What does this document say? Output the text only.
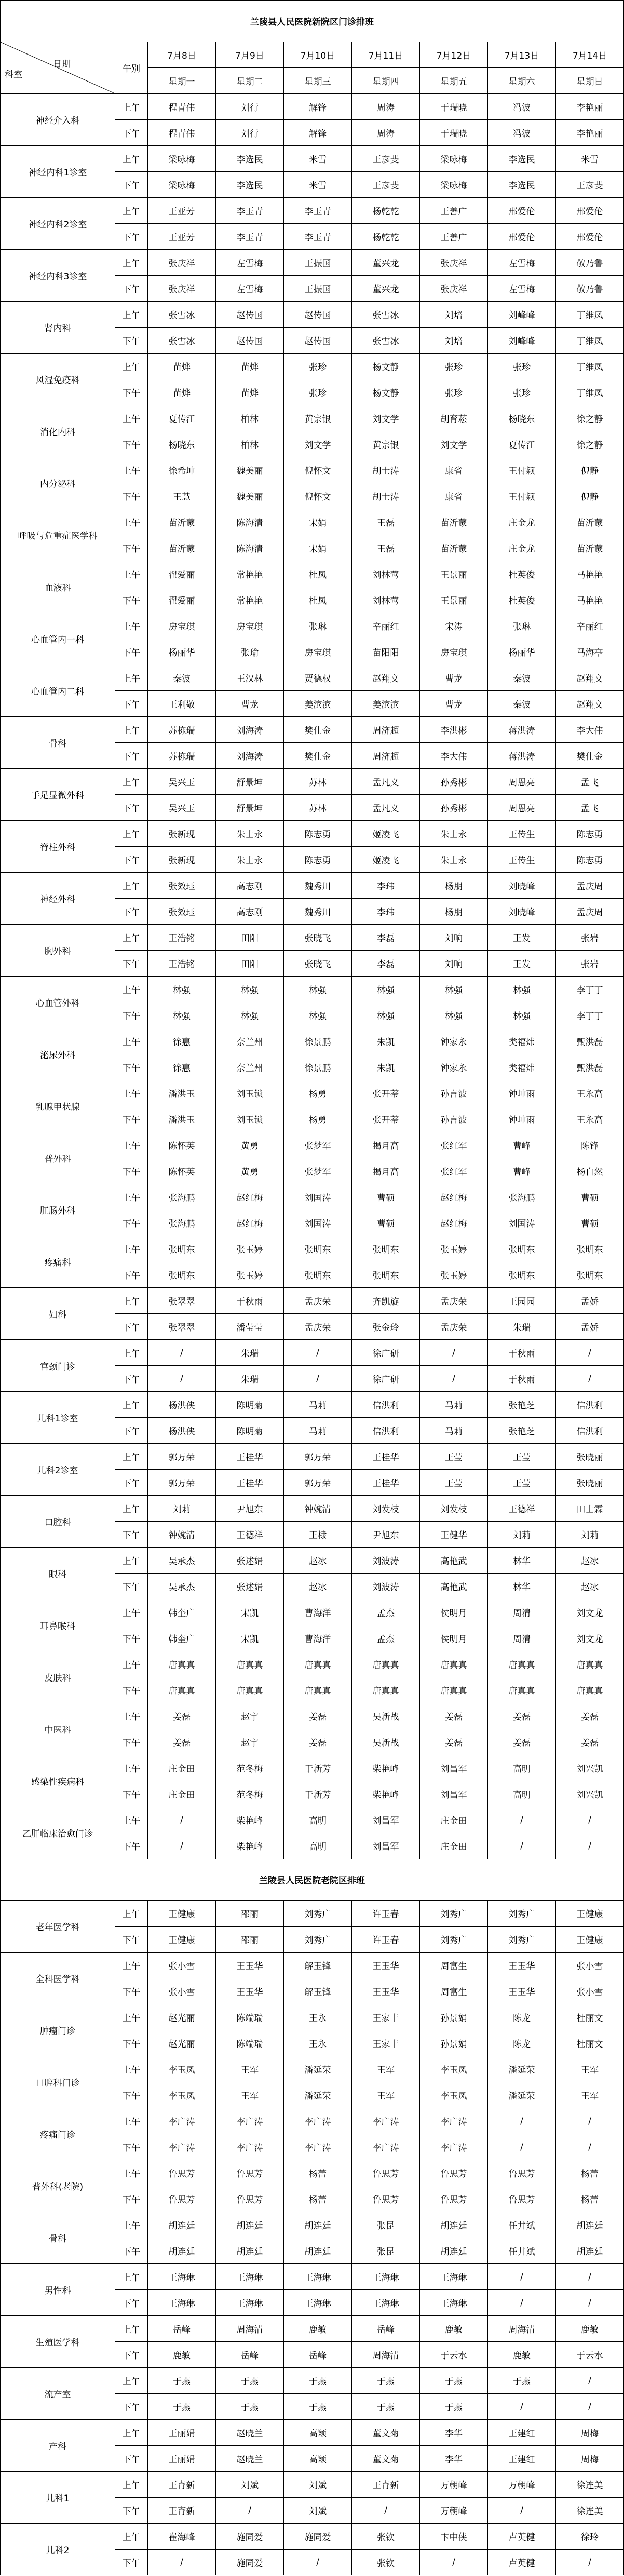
兰陵县人民医院新院区门诊排班								

日期
科室	午别	7月8日	7月9日	7月10日	7月11日	7月12日	7月13日	7月14日
		星期一	星期二	星期三	星期四	星期五	星期六	星期日
神经介入科	上午	程青伟	刘行	解锋	周涛	于瑞晓	冯波	李艳丽
	下午	程青伟	刘行	解锋	周涛	于瑞晓	冯波	李艳丽
神经内科1诊室	上午	梁咏梅	李选民	米雪	王彦斐	梁咏梅	李选民	米雪
	下午	梁咏梅	李选民	米雪	王彦斐	梁咏梅	李选民	王彦斐
神经内科2诊室	上午	王亚芳	李玉青	李玉青	杨乾乾	王善广	邢爱伦	邢爱伦
	下午	王亚芳	李玉青	李玉青	杨乾乾	王善广	邢爱伦	邢爱伦
神经内科3诊室	上午	张庆祥	左雪梅	王振国	董兴龙	张庆祥	左雪梅	敬乃鲁
	下午	张庆祥	左雪梅	王振国	董兴龙	张庆祥	左雪梅	敬乃鲁
肾内科	上午	张雪冰	赵传国	赵传国	张雪冰	刘培	刘峰峰	丁维凤
	下午	张雪冰	赵传国	赵传国	张雪冰	刘培	刘峰峰	丁维凤
风湿免疫科	上午	苗烨	苗烨	张珍	杨文静	张珍	张珍	丁维凤
	下午	苗烨	苗烨	张珍	杨文静	张珍	张珍	丁维凤
消化内科	上午	夏传江	柏林	黄宗银	刘文学	胡育菘	杨晓东	徐之静
	下午	杨晓东	柏林	刘文学	黄宗银	刘文学	夏传江	徐之静
内分泌科	上午	徐希坤	魏美丽	倪怀文	胡士涛	康省	王付颖	倪静
	下午	王慧	魏美丽	倪怀文	胡士涛	康省	王付颖	倪静
呼吸与危重症医学科	上午	苗沂蒙	陈海清	宋娟	王磊	苗沂蒙	庄金龙	苗沂蒙
	下午	苗沂蒙	陈海清	宋娟	王磊	苗沂蒙	庄金龙	苗沂蒙
血液科	上午	翟爱丽	常艳艳	杜凤	刘林莺	王景丽	杜英俊	马艳艳
	下午	翟爱丽	常艳艳	杜凤	刘林莺	王景丽	杜英俊	马艳艳
心血管内一科	上午	房宝琪	房宝琪	张琳	辛丽红	宋涛	张琳	辛丽红
	下午	杨丽华	张瑜	房宝琪	苗阳阳	房宝琪	杨丽华	马海亭
心血管内二科	上午	秦波	王汉林	贾德权	赵翔文	曹龙	秦波	赵翔文
	下午	王利敬	曹龙	姜滨滨	姜滨滨	曹龙	秦波	赵翔文
骨科	上午	苏栋瑞	刘海涛	樊仕金	周济超	李洪彬	蒋洪涛	李大伟
	下午	苏栋瑞	刘海涛	樊仕金	周济超	李大伟	蒋洪涛	樊仕金
手足显微外科	上午	吴兴玉	舒景坤	苏林	孟凡义	孙秀彬	周恩亮	孟飞
	下午	吴兴玉	舒景坤	苏林	孟凡义	孙秀彬	周恩亮	孟飞
脊柱外科	上午	张新现	朱士永	陈志勇	姬凌飞	朱士永	王传生	陈志勇
	下午	张新现	朱士永	陈志勇	姬凌飞	朱士永	王传生	陈志勇
神经外科	上午	张效珏	高志刚	魏秀川	李玮	杨朋	刘晓峰	孟庆周
	下午	张效珏	高志刚	魏秀川	李玮	杨朋	刘晓峰	孟庆周
胸外科	上午	王浩铭	田阳	张晓飞	李磊	刘响	王发	张岩
	下午	王浩铭	田阳	张晓飞	李磊	刘响	王发	张岩
心血管外科	上午	林强	林强	林强	林强	林强	林强	李丁丁
	下午	林强	林强	林强	林强	林强	林强	李丁丁
泌尿外科	上午	徐惠	奈兰州	徐景鹏	朱凯	钟家永	类福炜	甄洪磊
	下午	徐惠	奈兰州	徐景鹏	朱凯	钟家永	类福炜	甄洪磊
乳腺甲状腺	上午	潘洪玉	刘玉锁	杨勇	张开蒂	孙言波	钟坤雨	王永高
	下午	潘洪玉	刘玉锁	杨勇	张开蒂	孙言波	钟坤雨	王永高
普外科	上午	陈怀英	黄勇	张梦军	揭月高	张红军	曹峰	陈锋
	下午	陈怀英	黄勇	张梦军	揭月高	张红军	曹峰	杨自然
肛肠外科	上午	张海鹏	赵红梅	刘国涛	曹硕	赵红梅	张海鹏	曹硕
	下午	张海鹏	赵红梅	刘国涛	曹硕	赵红梅	刘国涛	曹硕
疼痛科	上午	张明东	张玉婷	张明东	张明东	张玉婷	张明东	张明东
	下午	张明东	张玉婷	张明东	张明东	张玉婷	张明东	张明东
妇科	上午	张翠翠	于秋雨	孟庆荣	齐凯旋	孟庆荣	王园园	孟娇
	下午	张翠翠	潘莹莹	孟庆荣	张金玲	孟庆荣	朱瑞	孟娇
宫颈门诊	上午	/	朱瑞	/	徐广研	/	于秋雨	/
	下午	/	朱瑞	/	徐广研	/	于秋雨	/
儿科1诊室	上午	杨洪侠	陈明菊	马莉	信洪利	马莉	张艳芝	信洪利
	下午	杨洪侠	陈明菊	马莉	信洪利	马莉	张艳芝	信洪利
儿科2诊室	上午	郭万荣	王桂华	郭万荣	王桂华	王莹	王莹	张晓丽
	下午	郭万荣	王桂华	郭万荣	王桂华	王莹	王莹	张晓丽
口腔科	上午	刘莉	尹旭东	钟婉清	刘发枝	刘发枝	王德祥	田士霖
	下午	钟婉清	王德祥	王棣	尹旭东	王健华	刘莉	刘莉
眼科	上午	吴承杰	张述娟	赵冰	刘波涛	高艳武	林华	赵冰
	下午	吴承杰	张述娟	赵冰	刘波涛	高艳武	林华	赵冰
耳鼻喉科	上午	韩奎广	宋凯	曹海洋	孟杰	侯明月	周清	刘文龙
	下午	韩奎广	宋凯	曹海洋	孟杰	侯明月	周清	刘文龙
皮肤科	上午	唐真真	唐真真	唐真真	唐真真	唐真真	唐真真	唐真真
	下午	唐真真	唐真真	唐真真	唐真真	唐真真	唐真真	唐真真
中医科	上午	姜磊	赵宇	姜磊	吴新战	姜磊	姜磊	姜磊
	下午	姜磊	赵宇	姜磊	吴新战	姜磊	姜磊	姜磊
感染性疾病科	上午	庄金田	范冬梅	于新芳	柴艳峰	刘昌军	高明	刘兴凯
	下午	庄金田	范冬梅	于新芳	柴艳峰	刘昌军	高明	刘兴凯
乙肝临床治愈门诊	上午	/	柴艳峰	高明	刘昌军	庄金田	/	/
	下午	/	柴艳峰	高明	刘昌军	庄金田	/	/
兰陵县人民医院老院区排班								
老年医学科	上午	王健康	邵丽	刘秀广	许玉春	刘秀广	刘秀广	王健康
	下午	王健康	邵丽	刘秀广	许玉春	刘秀广	刘秀广	王健康
全科医学科	上午	张小雪	王玉华	解玉锋	王玉华	周富生	王玉华	张小雪
	下午	张小雪	王玉华	解玉锋	王玉华	周富生	王玉华	张小雪
肿瘤门诊	上午	赵光丽	陈端瑞	王永	王家丰	孙景娟	陈龙	杜丽文
	下午	赵光丽	陈端瑞	王永	王家丰	孙景娟	陈龙	杜丽文
口腔科门诊	上午	李玉凤	王军	潘延荣	王军	李玉凤	潘延荣	王军
	下午	李玉凤	王军	潘延荣	王军	李玉凤	潘延荣	王军
疼痛门诊	上午	李广涛	李广涛	李广涛	李广涛	李广涛	/	/
	下午	李广涛	李广涛	李广涛	李广涛	李广涛	/	/
普外科(老院)	上午	鲁思芳	鲁思芳	杨蕾	鲁思芳	鲁思芳	鲁思芳	杨蕾
	下午	鲁思芳	鲁思芳	杨蕾	鲁思芳	鲁思芳	鲁思芳	杨蕾
骨科	上午	胡连廷	胡连廷	胡连廷	张昆	胡连廷	任井斌	胡连廷
	下午	胡连廷	胡连廷	胡连廷	张昆	胡连廷	任井斌	胡连廷
男性科	上午	王海琳	王海琳	王海琳	王海琳	王海琳	/	/
	下午	王海琳	王海琳	王海琳	王海琳	王海琳	/	/
生殖医学科	上午	岳峰	周海清	鹿敏	岳峰	鹿敏	周海清	鹿敏
	下午	鹿敏	岳峰	岳峰	周海清	于云水	鹿敏	于云水
流产室	上午	于燕	于燕	于燕	于燕	于燕	于燕	/
	下午	于燕	于燕	于燕	于燕	于燕	/	/
产科	上午	王丽娟	赵晓兰	高颖	董文菊	李华	王建红	周梅
	下午	王丽娟	赵晓兰	高颖	董文菊	李华	王建红	周梅
儿科1	上午	王育新	刘斌	刘斌	王育新	万朝峰	万朝峰	徐连美
	下午	王育新	/	刘斌	/	万朝峰	/	徐连美
儿科2	上午	崔海峰	施同爱	施同爱	张钦	卞中侠	卢英健	徐玲
	下午	/	施同爱	/	张钦	/	卢英健	/
